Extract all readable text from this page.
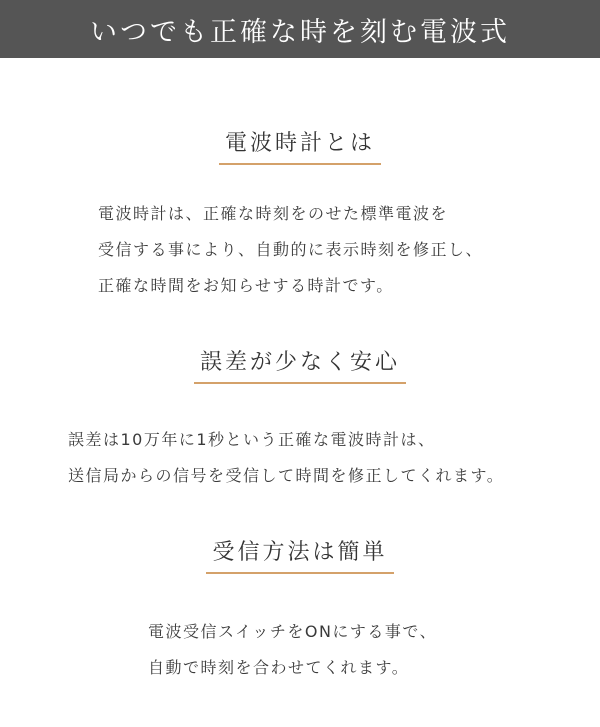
いつでも正確な時を刻む電波式
電波時計とは
電波時計は、正確な時刻をのせた標準電波を
受信する事により、自動的に表示時刻を修正し、
正確な時間をお知らせする時計です。
誤差が少なく安心
誤差は10万年に1秒という正確な電波時計は、
送信局からの信号を受信して時間を修正してくれます。
受信方法は簡単
電波受信スイッチをONにする事で、
自動で時刻を合わせてくれます。
